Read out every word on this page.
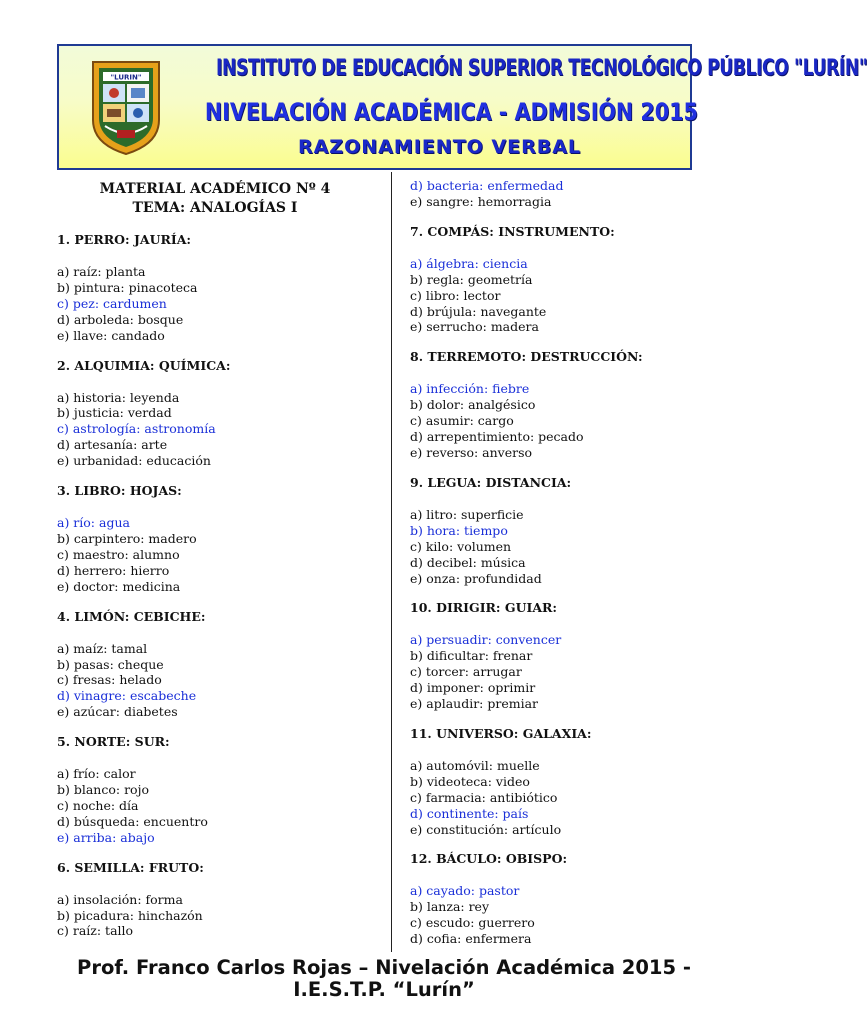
"LURIN"	INSTITUTO DE EDUCACIÓN SUPERIOR TECNOLÓGICO PÚBLICO "LURÍN"
NIVELACIÓN ACADÉMICA - ADMISIÓN 2015
RAZONAMIENTO VERBAL
MATERIAL ACADÉMICO Nº 4
TEMA: ANALOGÍAS I
1. PERRO: JAURÍA:
a) raíz: planta
b) pintura: pinacoteca
c) pez: cardumen
d) arboleda: bosque
e) llave: candado
2. ALQUIMIA: QUÍMICA:
a) historia: leyenda
b) justicia: verdad
c) astrología: astronomía
d) artesanía: arte
e) urbanidad: educación
3. LIBRO: HOJAS:
a) río: agua
b) carpintero: madero
c) maestro: alumno
d) herrero: hierro
e) doctor: medicina
4. LIMÓN: CEBICHE:
a) maíz: tamal
b) pasas: cheque
c) fresas: helado
d) vinagre: escabeche
e) azúcar: diabetes
5. NORTE: SUR:
a) frío: calor
b) blanco: rojo
c) noche: día
d) búsqueda: encuentro
e) arriba: abajo
6. SEMILLA: FRUTO:
a) insolación: forma
b) picadura: hinchazón
c) raíz: tallo
d) bacteria: enfermedad
e) sangre: hemorragia
7. COMPÁS: INSTRUMENTO:
a) álgebra: ciencia
b) regla: geometría
c) libro: lector
d) brújula: navegante
e) serrucho: madera
8. TERREMOTO: DESTRUCCIÓN:
a) infección: fiebre
b) dolor: analgésico
c) asumir: cargo
d) arrepentimiento: pecado
e) reverso: anverso
9. LEGUA: DISTANCIA:
a) litro: superficie
b) hora: tiempo
c) kilo: volumen
d) decibel: música
e) onza: profundidad
10. DIRIGIR: GUIAR:
a) persuadir: convencer
b) dificultar: frenar
c) torcer: arrugar
d) imponer: oprimir
e) aplaudir: premiar
11. UNIVERSO: GALAXIA:
a) automóvil: muelle
b) videoteca: video
c) farmacia: antibiótico
d) continente: país
e) constitución: artículo
12. BÁCULO: OBISPO:
a) cayado: pastor
b) lanza: rey
c) escudo: guerrero
d) cofia: enfermera
Prof. Franco Carlos Rojas – Nivelación Académica 2015 -
I.E.S.T.P. “Lurín”
